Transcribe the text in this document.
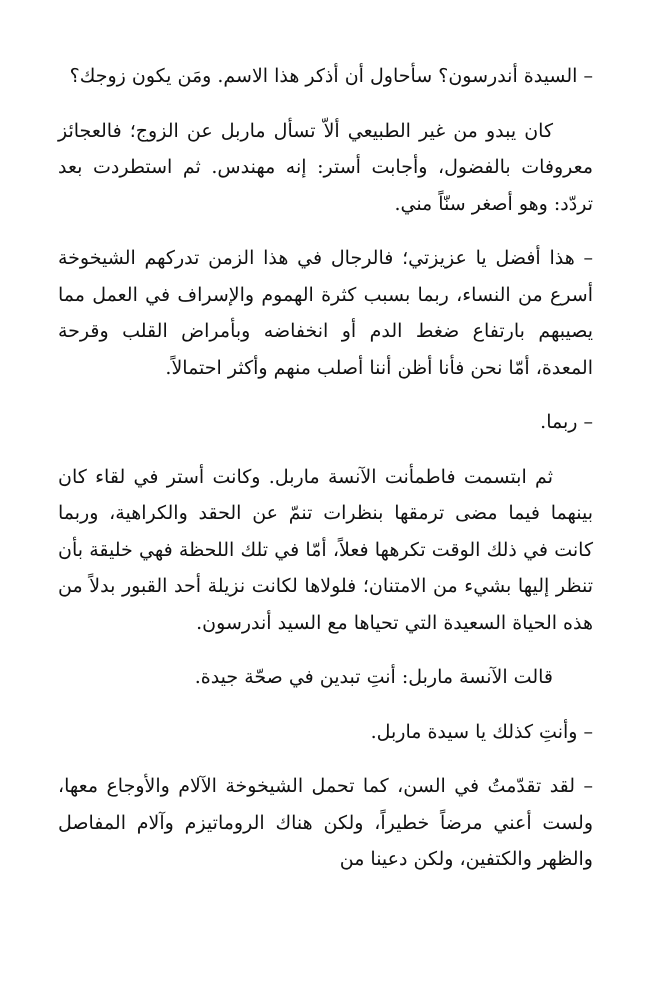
– السيدة أندرسون؟ سأحاول أن أذكر هذا الاسم. ومَن يكون زوجك؟

كان يبدو من غير الطبيعي ألاّ تسأل ماربل عن الزوج؛ فالعجائز معروفات بالفضول، وأجابت أستر: إنه مهندس. ثم استطردت بعد تردّد: وهو أصغر سنّاً مني.

– هذا أفضل يا عزيزتي؛ فالرجال في هذا الزمن تدركهم الشيخوخة أسرع من النساء، ربما بسبب كثرة الهموم والإسراف في العمل مما يصيبهم بارتفاع ضغط الدم أو انخفاضه وبأمراض القلب وقرحة المعدة، أمّا نحن فأنا أظن أننا أصلب منهم وأكثر احتمالاً.

– ربما.

ثم ابتسمت فاطمأنت الآنسة ماربل. وكانت أستر في لقاء كان بينهما فيما مضى ترمقها بنظرات تنمّ عن الحقد والكراهية، وربما كانت في ذلك الوقت تكرهها فعلاً، أمّا في تلك اللحظة فهي خليقة بأن تنظر إليها بشيء من الامتنان؛ فلولاها لكانت نزيلة أحد القبور بدلاً من هذه الحياة السعيدة التي تحياها مع السيد أندرسون.

قالت الآنسة ماربل: أنتِ تبدين في صحّة جيدة.

– وأنتِ كذلك يا سيدة ماربل.

– لقد تقدّمتُ في السن، كما تحمل الشيخوخة الآلام والأوجاع معها، ولست أعني مرضاً خطيراً، ولكن هناك الروماتيزم وآلام المفاصل والظهر والكتفين، ولكن دعينا من
